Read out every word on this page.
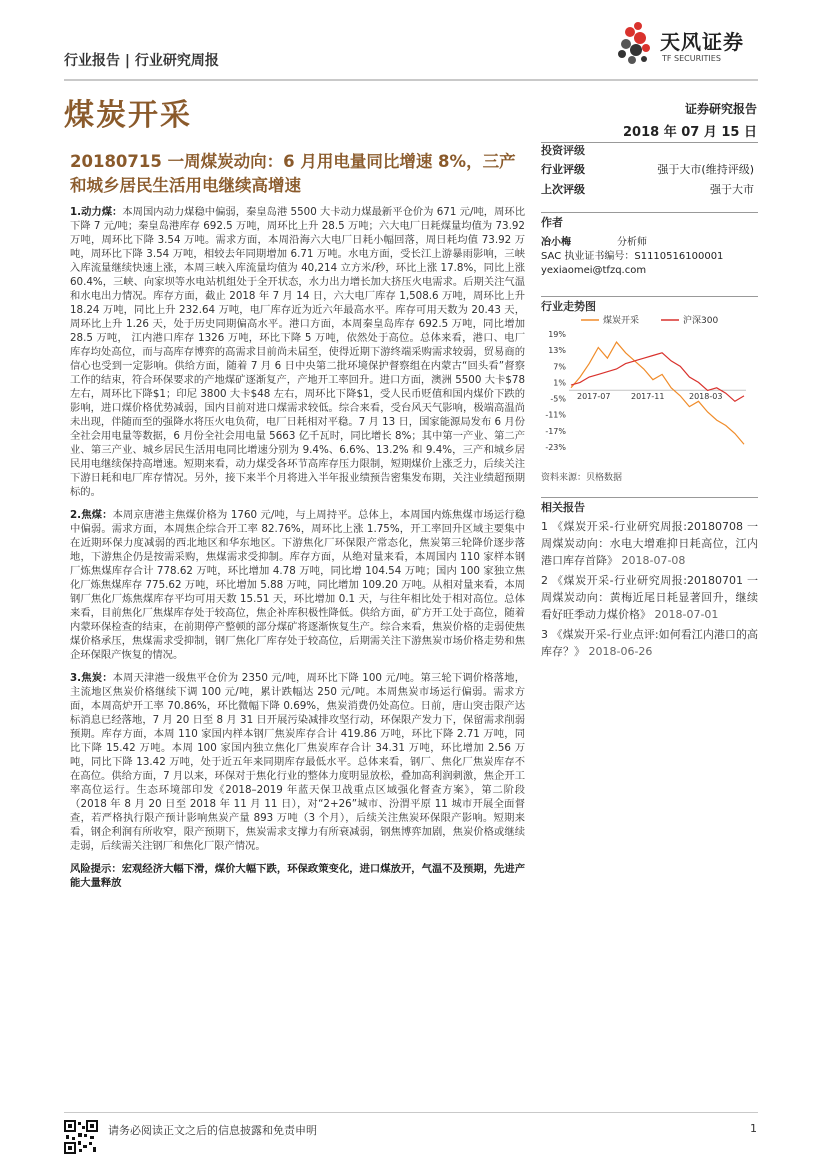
行业报告 | 行业研究周报
天风证券
TF SECURITIES
煤炭开采	证券研究报告
2018 年 07 月 15 日
20180715 一周煤炭动向：6 月用电量同比增速 8%，三产和城乡居民生活用电继续高增速

1.动力煤：本周国内动力煤稳中偏弱，秦皇岛港 5500 大卡动力煤最新平仓价为 671 元/吨，周环比下降 7 元/吨；秦皇岛港库存 692.5 万吨，周环比上升 28.5 万吨；六大电厂日耗煤量均值为 73.92 万吨，周环比下降 3.54 万吨。需求方面，本周沿海六大电厂日耗小幅回落，周日耗均值 73.92 万吨，周环比下降 3.54 万吨，相较去年同期增加 6.71 万吨。水电方面，受长江上游暴雨影响，三峡入库流量继续快速上涨，本周三峡入库流量均值为 40,214 立方米/秒，环比上涨 17.8%，同比上涨 60.4%，三峡、向家坝等水电站机组处于全开状态，水力出力增长加大挤压火电需求。后期关注气温和水电出力情况。库存方面，截止 2018 年 7 月 14 日，六大电厂库存 1,508.6 万吨，周环比上升 18.24 万吨，同比上升 232.64 万吨，电厂库存近为近六年最高水平。库存可用天数为 20.43 天，周环比上升 1.26 天，处于历史同期偏高水平。港口方面，本周秦皇岛库存 692.5 万吨，同比增加 28.5 万吨， 江内港口库存 1326 万吨，环比下降 5 万吨，依然处于高位。总体来看，港口、电厂库存均处高位，而与高库存博弈的高需求目前尚未届至，使得近期下游终端采购需求较弱，贸易商的信心也受到一定影响。供给方面，随着 7 月 6 日中央第二批环境保护督察组在内蒙古“回头看”督察工作的结束，符合环保要求的产地煤矿逐渐复产，产地开工率回升。进口方面，澳洲 5500 大卡$78 左右，周环比下降$1；印尼 3800 大卡$48 左右，周环比下降$1，受人民币贬值和国内煤价下跌的影响，进口煤价格优势减弱，国内目前对进口煤需求较低。综合来看，受台风天气影响，极端高温尚未出现，伴随而至的强降水将压火电负荷，电厂日耗相对平稳。7 月 13 日，国家能源局发布 6 月份全社会用电量等数据，6 月份全社会用电量 5663 亿千瓦时，同比增长 8%；其中第一产业、第二产业、第三产业、城乡居民生活用电同比增速分别为 9.4%、6.6%、13.2% 和 9.4%，三产和城乡居民用电继续保持高增速。短期来看，动力煤受各环节高库存压力限制，短期煤价上涨乏力，后续关注下游日耗和电厂库存情况。另外，接下来半个月将进入半年报业绩预告密集发布期，关注业绩超预期标的。

2.焦煤：本周京唐港主焦煤价格为 1760 元/吨，与上周持平。总体上，本周国内炼焦煤市场运行稳中偏弱。需求方面，本周焦企综合开工率 82.76%，周环比上涨 1.75%，开工率回升区域主要集中在近期环保力度减弱的西北地区和华东地区。下游焦化厂环保限产常态化，焦炭第三轮降价逐步落地，下游焦企仍是按需采购，焦煤需求受抑制。库存方面，从绝对量来看，本周国内 110 家样本钢厂炼焦煤库存合计 778.62 万吨，环比增加 4.78 万吨，同比增 104.54 万吨；国内 100 家独立焦化厂炼焦煤库存 775.62 万吨，环比增加 5.88 万吨，同比增加 109.20 万吨。从相对量来看，本周钢厂焦化厂炼焦煤库存平均可用天数 15.51 天，环比增加 0.1 天，与往年相比处于相对高位。总体来看，目前焦化厂焦煤库存处于较高位，焦企补库积极性降低。供给方面，矿方开工处于高位，随着内蒙环保检查的结束，在前期停产整顿的部分煤矿将逐渐恢复生产。综合来看，焦炭价格的走弱使焦煤价格承压，焦煤需求受抑制，钢厂焦化厂库存处于较高位，后期需关注下游焦炭市场价格走势和焦企环保限产恢复的情况。

3.焦炭：本周天津港一级焦平仓价为 2350 元/吨，周环比下降 100 元/吨。第三轮下调价格落地，主流地区焦炭价格继续下调 100 元/吨，累计跌幅达 250 元/吨。本周焦炭市场运行偏弱。需求方面，本周高炉开工率 70.86%，环比微幅下降 0.69%，焦炭消费仍处高位。日前，唐山突击限产达标消息已经落地，7 月 20 日至 8 月 31 日开展污染减排攻坚行动，环保限产发力下，保留需求削弱预期。库存方面，本周 110 家国内样本钢厂焦炭库存合计 419.86 万吨，环比下降 2.71 万吨，同比下降 15.42 万吨。本周 100 家国内独立焦化厂焦炭库存合计 34.31 万吨，环比增加 2.56 万吨，同比下降 13.42 万吨，处于近五年来同期库存最低水平。总体来看，钢厂、焦化厂焦炭库存不在高位。供给方面，7 月以来，环保对于焦化行业的整体力度明显放松，叠加高利润刺激，焦企开工率高位运行。生态环境部印发《2018–2019 年蓝天保卫战重点区域强化督查方案》，第二阶段（2018 年 8 月 20 日至 2018 年 11 月 11 日），对“2+26”城市、汾渭平原 11 城市开展全面督查，若严格执行限产预计影响焦炭产量 893 万吨（3 个月），后续关注焦炭环保限产影响。短期来看，钢企利润有所收窄，限产预期下，焦炭需求支撑力有所衰减弱，钢焦博弈加剧，焦炭价格或继续走弱，后续需关注钢厂和焦化厂限产情况。

风险提示：宏观经济大幅下滑，煤价大幅下跌，环保政策变化，进口煤放开，气温不及预期，先进产能大量释放

投资评级
行业评级	强于大市(维持评级)
上次评级	强于大市
作者
冶小梅	分析师
SAC 执业证书编号：S1110516100001
yexiaomei@tfzq.com
行业走势图
19%
13%
7%
1%
-5%
-11%
-17%
-23%
2017-07	2017-11	2018-03
煤炭开采	沪深300
资料来源：贝格数据
相关报告
1 《煤炭开采-行业研究周报:20180708 一周煤炭动向：水电大增难抑日耗高位，江内港口库存首降》 2018-07-08
2 《煤炭开采-行业研究周报:20180701 一周煤炭动向：黄梅近尾日耗显著回升，继续看好旺季动力煤价格》 2018-07-01
3 《煤炭开采-行业点评:如何看江内港口的高库存？》 2018-06-26
请务必阅读正文之后的信息披露和免责申明	1
